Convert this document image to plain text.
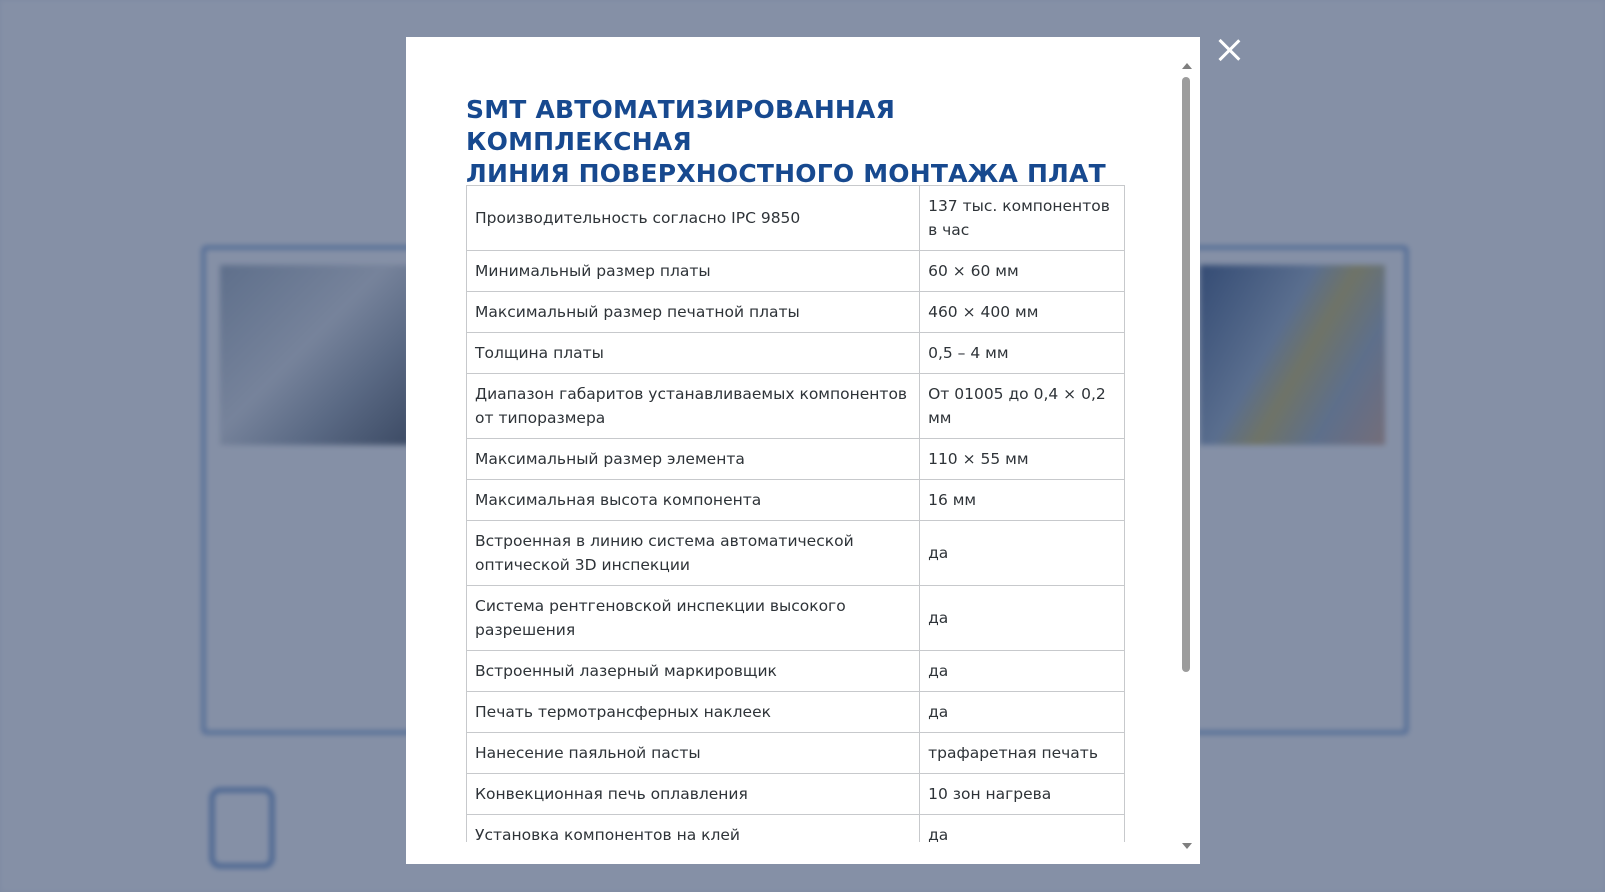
SMT АВТОМАТИЗИРОВАННАЯ КОМПЛЕКСНАЯ
ЛИНИЯ ПОВЕРХНОСТНОГО МОНТАЖА ПЛАТ
Производительность согласно IPC 9850	137 тыс. компонентов в час
Минимальный размер платы	60 × 60 мм
Максимальный размер печатной платы	460 × 400 мм
Толщина платы	0,5 – 4 мм
Диапазон габаритов устанавливаемых компонентов от типоразмера	От 01005 до 0,4 × 0,2 мм
Максимальный размер элемента	110 × 55 мм
Максимальная высота компонента	16 мм
Встроенная в линию система автоматической оптической 3D инспекции	да
Система рентгеновской инспекции высокого разрешения	да
Встроенный лазерный маркировщик	да
Печать термотрансферных наклеек	да
Нанесение паяльной пасты	трафаретная печать
Конвекционная печь оплавления	10 зон нагрева
Установка компонентов на клей	да
